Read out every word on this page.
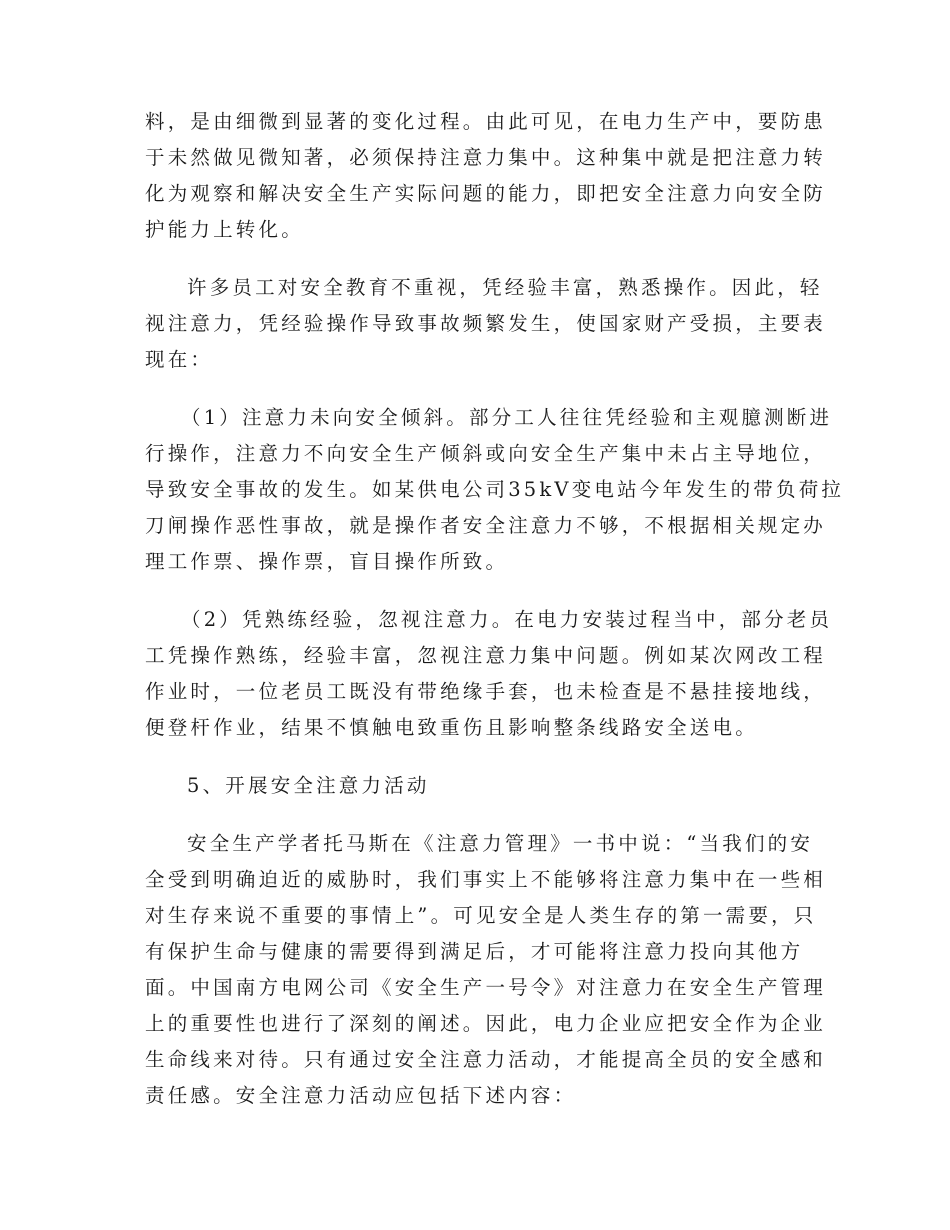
料，是由细微到显著的变化过程。由此可见，在电力生产中，要防患
于未然做见微知著，必须保持注意力集中。这种集中就是把注意力转
化为观察和解决安全生产实际问题的能力，即把安全注意力向安全防
护能力上转化。

许多员工对安全教育不重视，凭经验丰富，熟悉操作。因此，轻
视注意力，凭经验操作导致事故频繁发生，使国家财产受损，主要表
现在：

（1）注意力未向安全倾斜。部分工人往往凭经验和主观臆测断进
行操作，注意力不向安全生产倾斜或向安全生产集中未占主导地位，
导致安全事故的发生。如某供电公司35kV变电站今年发生的带负荷拉
刀闸操作恶性事故，就是操作者安全注意力不够，不根据相关规定办
理工作票、操作票，盲目操作所致。

（2）凭熟练经验，忽视注意力。在电力安装过程当中，部分老员
工凭操作熟练，经验丰富，忽视注意力集中问题。例如某次网改工程
作业时，一位老员工既没有带绝缘手套，也未检查是不悬挂接地线，
便登杆作业，结果不慎触电致重伤且影响整条线路安全送电。

5、开展安全注意力活动

安全生产学者托马斯在《注意力管理》一书中说：“当我们的安
全受到明确迫近的威胁时，我们事实上不能够将注意力集中在一些相
对生存来说不重要的事情上”。可见安全是人类生存的第一需要，只
有保护生命与健康的需要得到满足后，才可能将注意力投向其他方
面。中国南方电网公司《安全生产一号令》对注意力在安全生产管理
上的重要性也进行了深刻的阐述。因此，电力企业应把安全作为企业
生命线来对待。只有通过安全注意力活动，才能提高全员的安全感和
责任感。安全注意力活动应包括下述内容：
